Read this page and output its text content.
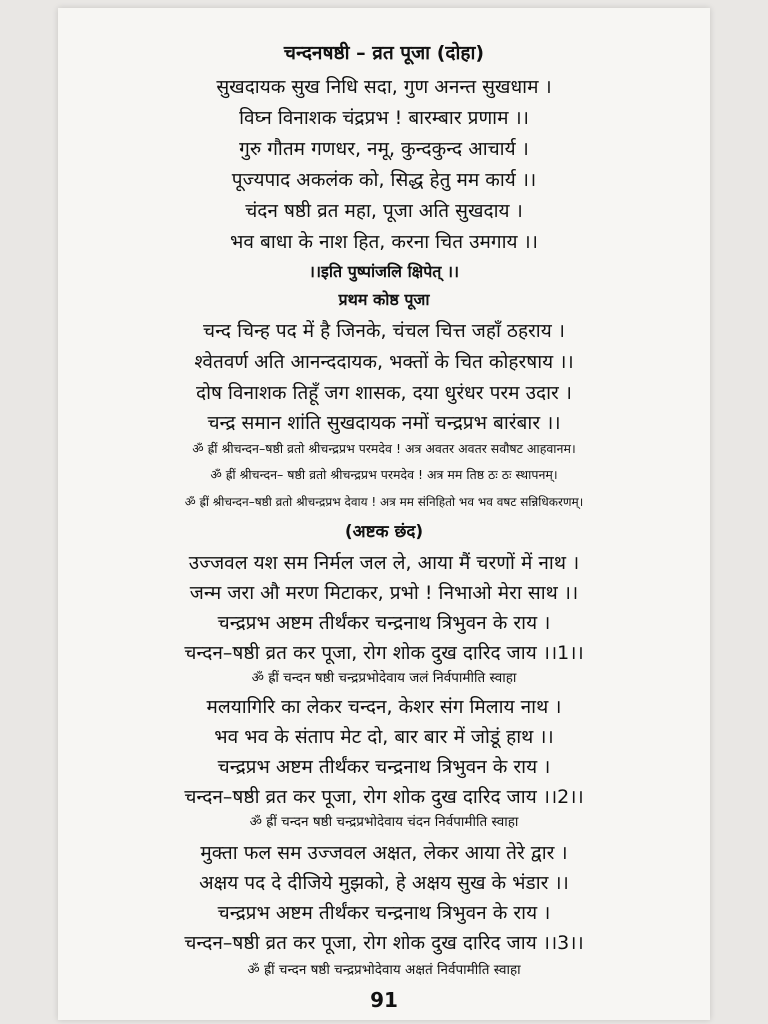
चन्दनषष्ठी – व्रत पूजा (दोहा)
सुखदायक सुख निधि सदा, गुण अनन्त सुखधाम ।
विघ्न विनाशक चंद्रप्रभ ! बारम्बार प्रणाम ।।
गुरु गौतम गणधर, नमू, कुन्दकुन्द आचार्य ।
पूज्यपाद अकलंक को, सिद्ध हेतु मम कार्य ।।
चंदन षष्ठी व्रत महा, पूजा अति सुखदाय ।
भव बाधा के नाश हित, करना चित उमगाय ।।
।।इति पुष्पांजलि क्षिपेत् ।।
प्रथम कोष्ठ पूजा
चन्द चिन्ह पद में है जिनके, चंचल चित्त जहाँ ठहराय ।
श्वेतवर्ण अति आनन्ददायक, भक्तों के चित कोहरषाय ।।
दोष विनाशक तिहूँ जग शासक, दया धुरंधर परम उदार ।
चन्द्र समान शांति सुखदायक नमों चन्द्रप्रभ बारंबार ।।
ॐ ह्रीं श्रीचन्दन–षष्ठी व्रतो श्रीचन्द्रप्रभ परमदेव ! अत्र अवतर अवतर सवौषट आहवानम।
ॐ ह्रीं श्रीचन्दन– षष्ठी व्रतो श्रीचन्द्रप्रभ परमदेव ! अत्र मम तिष्ठ ठः ठः स्थापनम्।
ॐ ह्रीं श्रीचन्दन–षष्ठी व्रतो श्रीचन्द्रप्रभ देवाय ! अत्र मम संनिहितो भव भव वषट सन्निधिकरणम्।
(अष्टक छंद)
उज्जवल यश सम निर्मल जल ले, आया मैं चरणों में नाथ ।
जन्म जरा औ मरण मिटाकर, प्रभो ! निभाओ मेरा साथ ।।
चन्द्रप्रभ अष्टम तीर्थंकर चन्द्रनाथ त्रिभुवन के राय ।
चन्दन–षष्ठी व्रत कर पूजा, रोग शोक दुख दारिद जाय ।।1।।
ॐ ह्रीं चन्दन षष्ठी चन्द्रप्रभोदेवाय जलं निर्वपामीति स्वाहा
मलयागिरि का लेकर चन्दन, केशर संग मिलाय नाथ ।
भव भव के संताप मेट दो, बार बार में जोडूं हाथ ।।
चन्द्रप्रभ अष्टम तीर्थंकर चन्द्रनाथ त्रिभुवन के राय ।
चन्दन–षष्ठी व्रत कर पूजा, रोग शोक दुख दारिद जाय ।।2।।
ॐ ह्रीं चन्दन षष्ठी चन्द्रप्रभोदेवाय चंदन निर्वपामीति स्वाहा
मुक्ता फल सम उज्जवल अक्षत, लेकर आया तेरे द्वार ।
अक्षय पद दे दीजिये मुझको, हे अक्षय सुख के भंडार ।।
चन्द्रप्रभ अष्टम तीर्थंकर चन्द्रनाथ त्रिभुवन के राय ।
चन्दन–षष्ठी व्रत कर पूजा, रोग शोक दुख दारिद जाय ।।3।।
ॐ ह्रीं चन्दन षष्ठी चन्द्रप्रभोदेवाय अक्षतं निर्वपामीति स्वाहा
91
